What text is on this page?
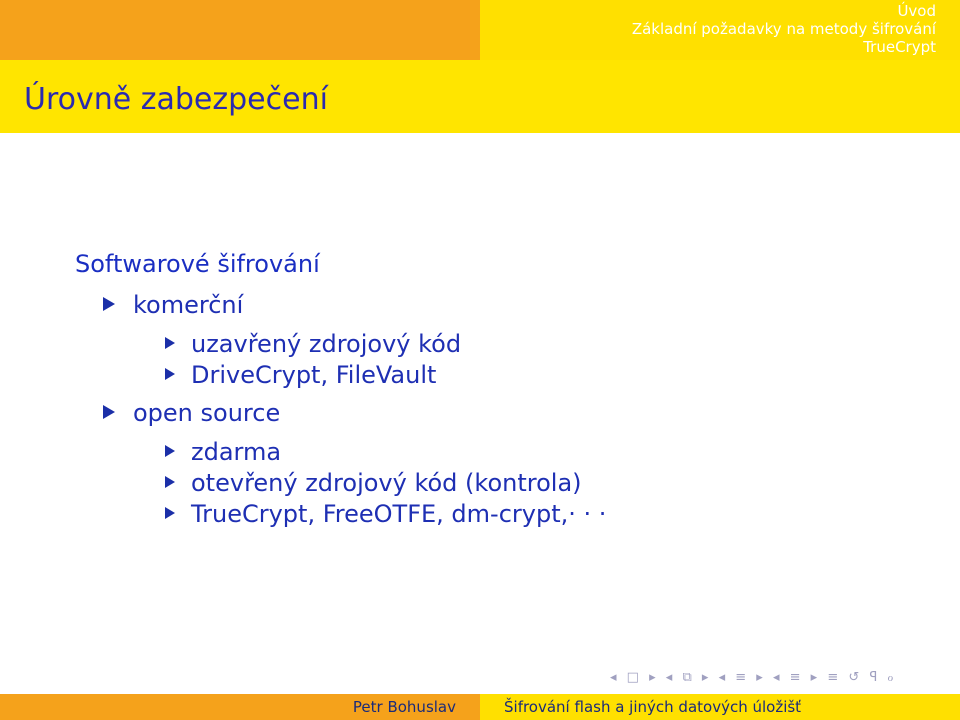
Úvod
Základní požadavky na metody šifrování
TrueCrypt
Úrovně zabezpečení
Softwarové šifrování
komerční
uzavřený zdrojový kód
DriveCrypt, FileVault
open source
zdarma
otevřený zdrojový kód (kontrola)
TrueCrypt, FreeOTFE, dm-crypt,· · ·
◂ □ ▸ ◂ ⧉ ▸ ◂ ≡ ▸ ◂ ≡ ▸ ≡ ↺ ꟼ ℴ
Petr Bohuslav	Šifrování flash a jiných datových úložišť
